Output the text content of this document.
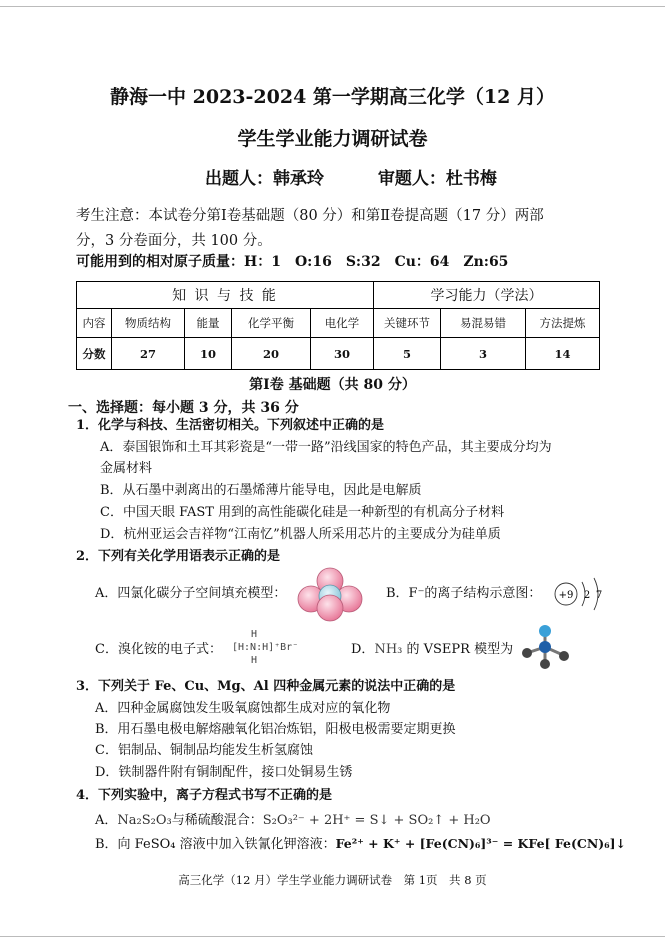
静海一中 2023-2024 第一学期高三化学（12 月）
学生学业能力调研试卷
出题人：韩承玲	审题人：杜书梅
考生注意：本试卷分第Ⅰ卷基础题（80 分）和第Ⅱ卷提高题（17 分）两部
分，3 分卷面分，共 100 分。
可能用到的相对原子质量：H：1　O:16　S:32　Cu：64　Zn:65
知 识 与 技 能					学习能力（学法）		
内容	物质结构	能量	化学平衡	电化学	关键环节	易混易错	方法提炼
分数	27	10	20	30	5	3	14
第Ⅰ卷 基础题（共 80 分）
一、选择题：每小题 3 分，共 36 分
1．化学与科技、生活密切相关。下列叙述中正确的是
A．泰国银饰和土耳其彩瓷是“一带一路”沿线国家的特色产品，其主要成分均为
金属材料
B．从石墨中剥离出的石墨烯薄片能导电，因此是电解质
C．中国天眼 FAST 用到的高性能碳化硅是一种新型的有机高分子材料
D．杭州亚运会吉祥物“江南忆”机器人所采用芯片的主要成分为硅单质
2．下列有关化学用语表示正确的是
A．四氯化碳分子空间填充模型：	B．F⁻的离子结构示意图： +9 2 7
C．溴化铵的电子式：
H
[H:N:H]⁺Br⁻
H
D．NH₃ 的 VSEPR 模型为
3．下列关于 Fe、Cu、Mg、Al 四种金属元素的说法中正确的是
A．四种金属腐蚀发生吸氧腐蚀都生成对应的氧化物
B．用石墨电极电解熔融氧化铝冶炼铝，阳极电极需要定期更换
C．铝制品、铜制品均能发生析氢腐蚀
D．铁制器件附有铜制配件，接口处铜易生锈
4．下列实验中，离子方程式书写不正确的是
A．Na₂S₂O₃与稀硫酸混合：S₂O₃²⁻ + 2H⁺ = S↓ + SO₂↑ + H₂O
B．向 FeSO₄ 溶液中加入铁氰化钾溶液：Fe²⁺ + K⁺ + [Fe(CN)₆]³⁻ = KFe[ Fe(CN)₆]↓
高三化学（12 月）学生学业能力调研试卷　第 1页　共 8 页
